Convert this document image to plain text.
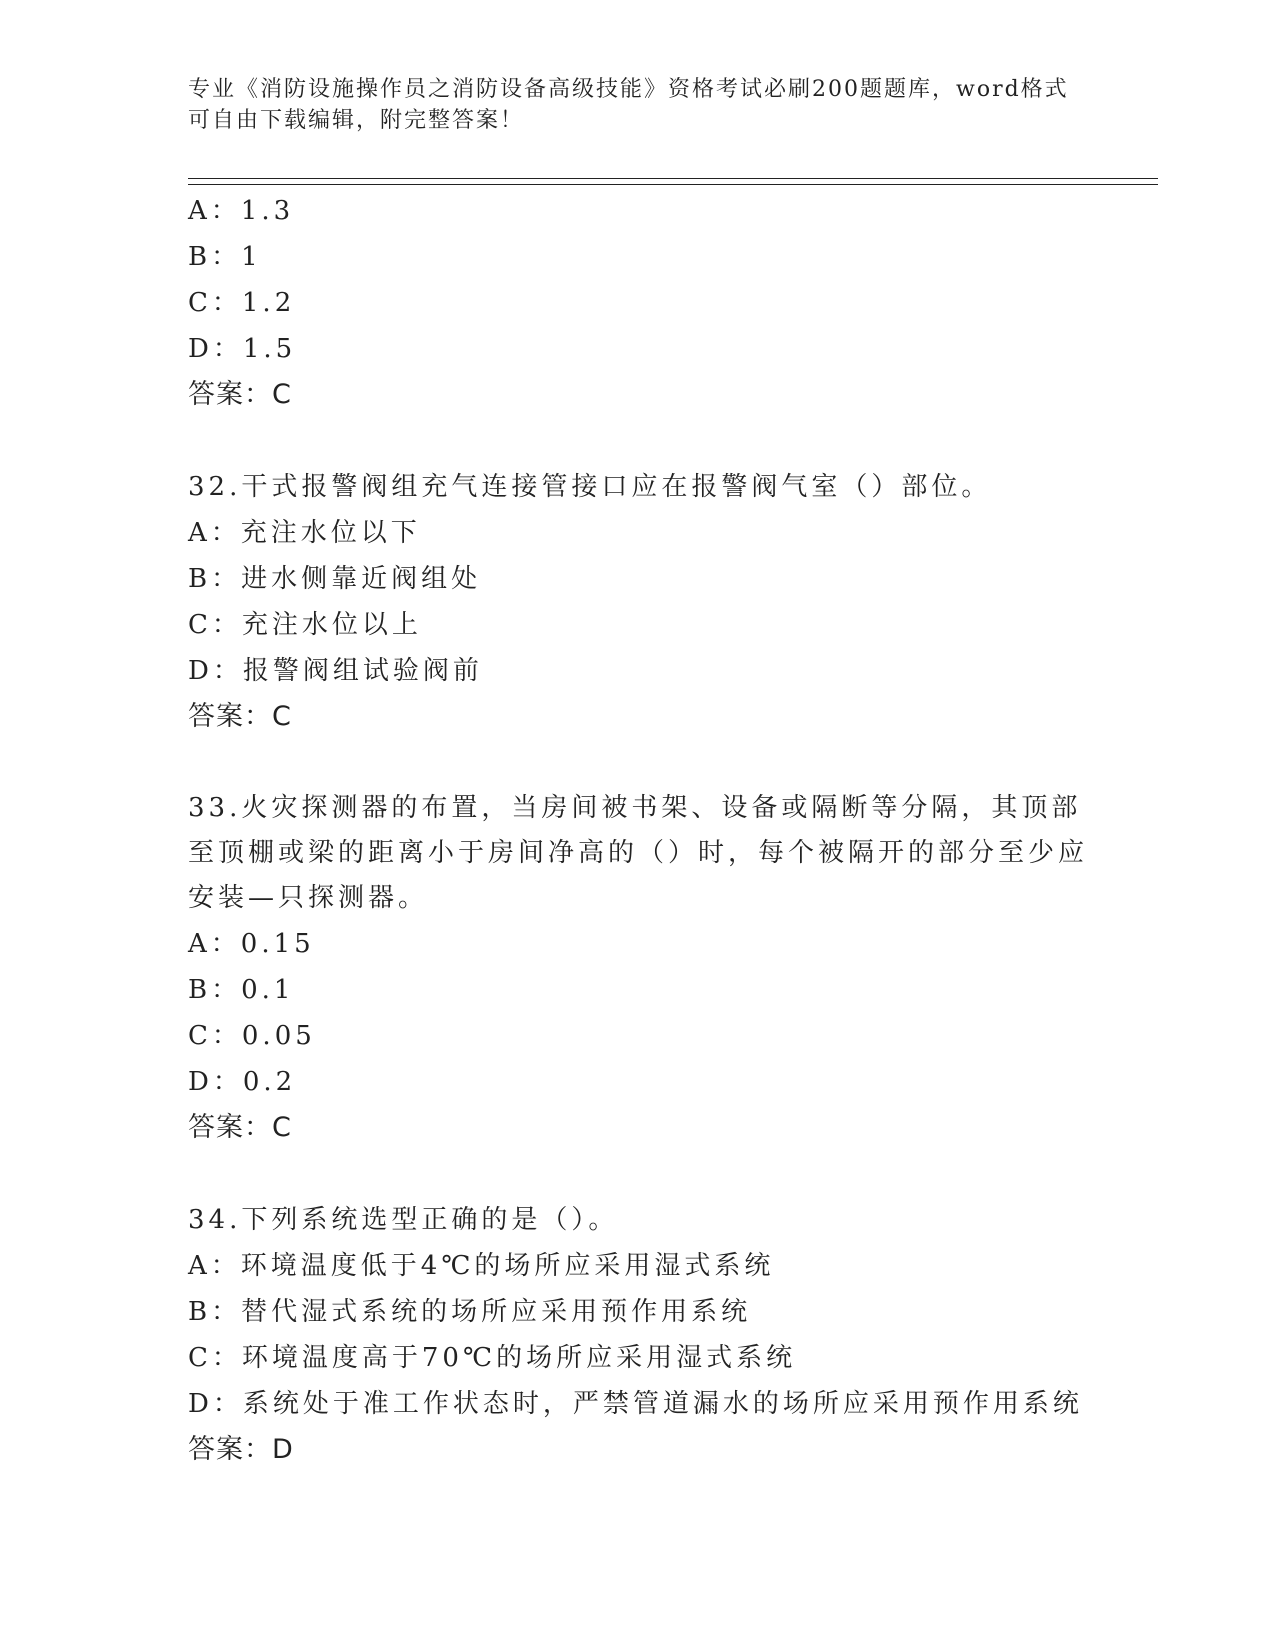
专业《消防设施操作员之消防设备高级技能》资格考试必刷200题题库，word格式可自由下载编辑，附完整答案！
A：1.3
B：1
C：1.2
D：1.5
答案：C
32.干式报警阀组充气连接管接口应在报警阀气室（）部位。
A：充注水位以下
B：进水侧靠近阀组处
C：充注水位以上
D：报警阀组试验阀前
答案：C
33.火灾探测器的布置，当房间被书架、设备或隔断等分隔，其顶部至顶棚或梁的距离小于房间净高的（）时，每个被隔开的部分至少应安装—只探测器。
A：0.15
B：0.1
C：0.05
D：0.2
答案：C
34.下列系统选型正确的是（）。
A：环境温度低于4℃的场所应采用湿式系统
B：替代湿式系统的场所应采用预作用系统
C：环境温度高于70℃的场所应采用湿式系统
D：系统处于准工作状态时，严禁管道漏水的场所应采用预作用系统
答案：D
